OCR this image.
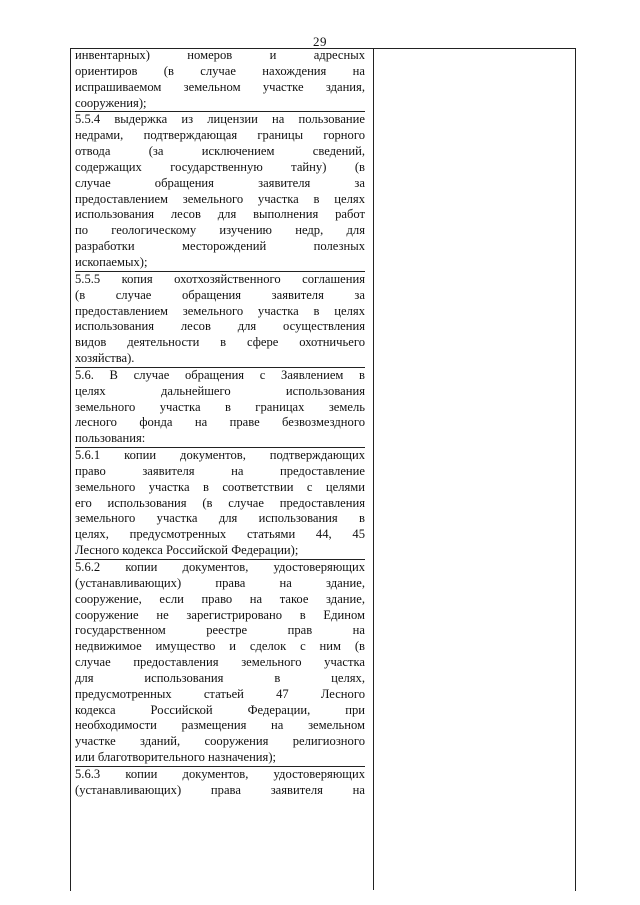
29
инвентарных) номеров и адресных
ориентиров (в случае нахождения на
испрашиваемом земельном участке здания,
сооружения);
5.5.4 выдержка из лицензии на пользование
недрами, подтверждающая границы горного
отвода (за исключением сведений,
содержащих государственную тайну) (в
случае обращения заявителя за
предоставлением земельного участка в целях
использования лесов для выполнения работ
по геологическому изучению недр, для
разработки месторождений полезных
ископаемых);
5.5.5 копия охотхозяйственного соглашения
(в случае обращения заявителя за
предоставлением земельного участка в целях
использования лесов для осуществления
видов деятельности в сфере охотничьего
хозяйства).
5.6. В случае обращения с Заявлением в
целях дальнейшего использования
земельного участка в границах земель
лесного фонда на праве безвозмездного
пользования:
5.6.1 копии документов, подтверждающих
право заявителя на предоставление
земельного участка в соответствии с целями
его использования (в случае предоставления
земельного участка для использования в
целях, предусмотренных статьями 44, 45
Лесного кодекса Российской Федерации);
5.6.2 копии документов, удостоверяющих
(устанавливающих) права на здание,
сооружение, если право на такое здание,
сооружение не зарегистрировано в Едином
государственном реестре прав на
недвижимое имущество и сделок с ним (в
случае предоставления земельного участка
для использования в целях,
предусмотренных статьей 47 Лесного
кодекса Российской Федерации, при
необходимости размещения на земельном
участке зданий, сооружения религиозного
или благотворительного назначения);
5.6.3 копии документов, удостоверяющих
(устанавливающих) права заявителя на
